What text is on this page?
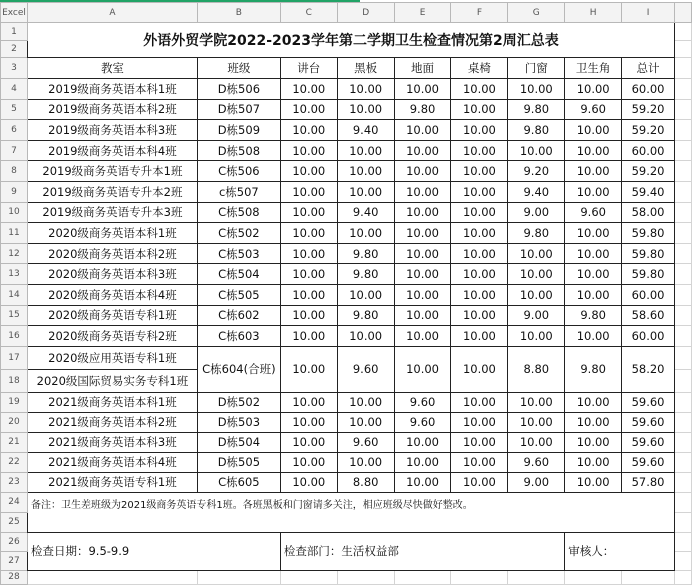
Excel	A	B	C	D	E	F	G	H	I	
1	外语外贸学院2022-2023学年第二学期卫生检查情况第2周汇总表									
2										
3	教室	班级	讲台	黑板	地面	桌椅	门窗	卫生角	总计	
4	2019级商务英语本科1班	D栋506	10.00	10.00	10.00	10.00	10.00	10.00	60.00	
5	2019级商务英语本科2班	D栋507	10.00	10.00	9.80	10.00	9.80	9.60	59.20	
6	2019级商务英语本科3班	D栋509	10.00	9.40	10.00	10.00	9.80	10.00	59.20	
7	2019级商务英语本科4班	D栋508	10.00	10.00	10.00	10.00	10.00	10.00	60.00	
8	2019级商务英语专升本1班	C栋506	10.00	10.00	10.00	10.00	9.20	10.00	59.20	
9	2019级商务英语专升本2班	c栋507	10.00	10.00	10.00	10.00	9.40	10.00	59.40	
10	2019级商务英语专升本3班	C栋508	10.00	9.40	10.00	10.00	9.00	9.60	58.00	
11	2020级商务英语本科1班	C栋502	10.00	10.00	10.00	10.00	9.80	10.00	59.80	
12	2020级商务英语本科2班	C栋503	10.00	9.80	10.00	10.00	10.00	10.00	59.80	
13	2020级商务英语本科3班	C栋504	10.00	9.80	10.00	10.00	10.00	10.00	59.80	
14	2020级商务英语本科4班	C栋505	10.00	10.00	10.00	10.00	10.00	10.00	60.00	
15	2020级商务英语专科1班	C栋602	10.00	9.80	10.00	10.00	9.00	9.80	58.60	
16	2020级商务英语专科2班	C栋603	10.00	10.00	10.00	10.00	10.00	10.00	60.00	
17	2020级应用英语专科1班	C栋604(合班)	10.00	9.60	10.00	10.00	8.80	9.80	58.20	
18	2020级国际贸易实务专科1班									
19	2021级商务英语本科1班	D栋502	10.00	10.00	9.60	10.00	10.00	10.00	59.60	
20	2021级商务英语本科2班	D栋503	10.00	10.00	9.60	10.00	10.00	10.00	59.60	
21	2021级商务英语本科3班	D栋504	10.00	9.60	10.00	10.00	10.00	10.00	59.60	
22	2021级商务英语本科4班	D栋505	10.00	10.00	10.00	10.00	9.60	10.00	59.60	
23	2021级商务英语专科1班	C栋605	10.00	8.80	10.00	10.00	9.00	10.00	57.80	
24	备注：卫生差班级为2021级商务英语专科1班。各班黑板和门窗请多关注，相应班级尽快做好整改。									
25										
26	检查日期：9.5-9.9		检查部门：生活权益部					审核人：		
27										
28										
